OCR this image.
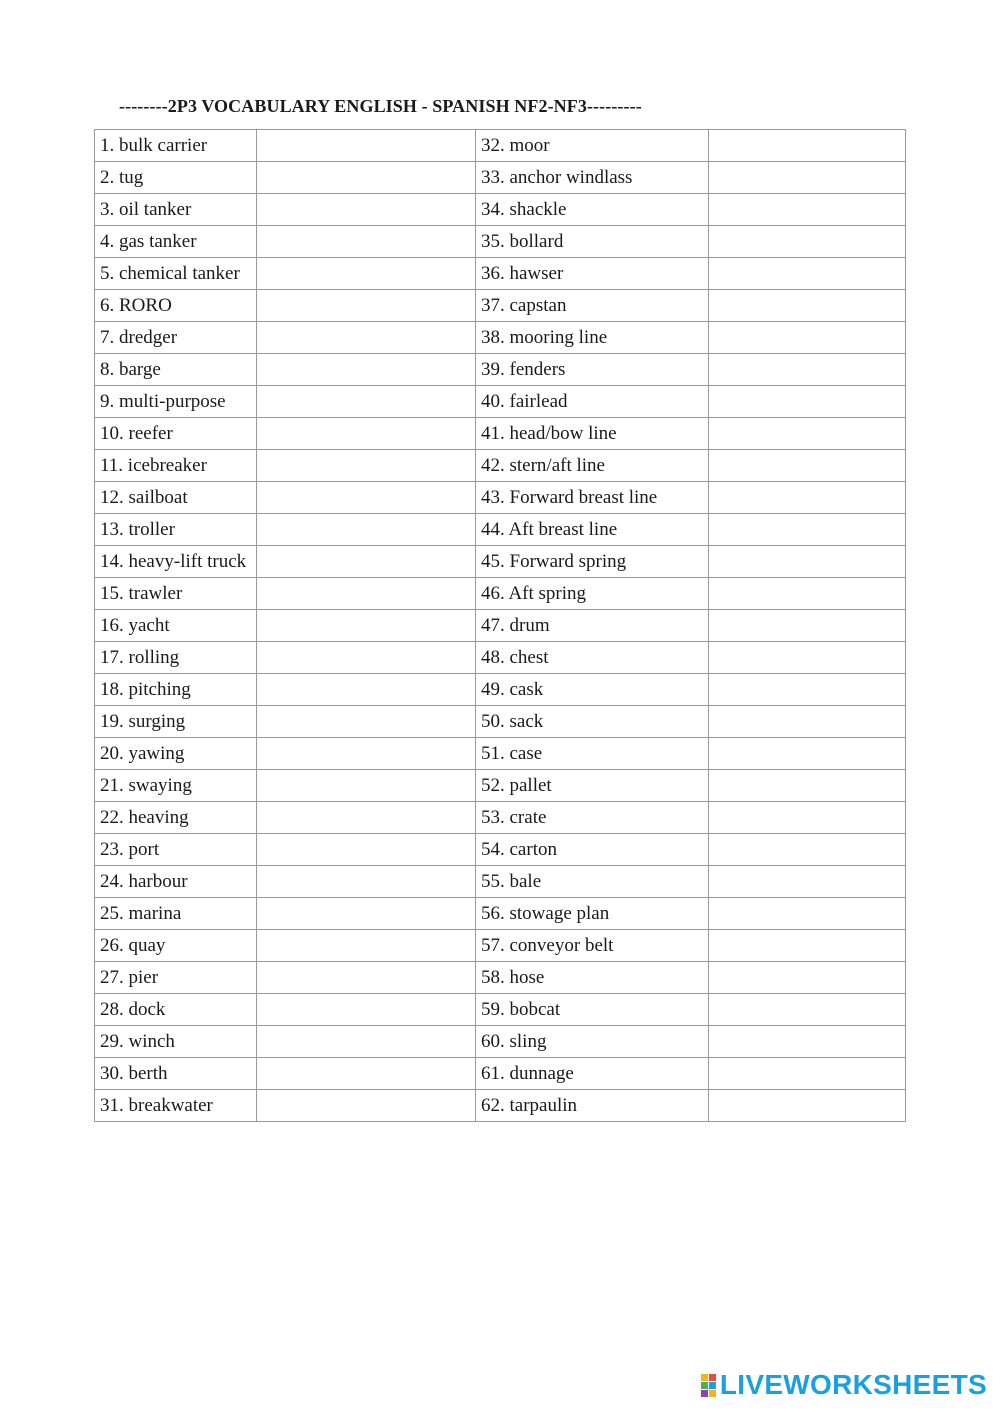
--------2P3 VOCABULARY ENGLISH - SPANISH NF2-NF3---------
1. bulk carrier		32. moor	
2. tug		33. anchor windlass	
3. oil tanker		34. shackle	
4. gas tanker		35. bollard	
5. chemical tanker		36. hawser	
6. RORO		37. capstan	
7. dredger		38. mooring line	
8. barge		39. fenders	
9. multi-purpose		40. fairlead	
10. reefer		41. head/bow line	
11. icebreaker		42. stern/aft line	
12. sailboat		43. Forward breast line	
13. troller		44. Aft breast line	
14. heavy-lift truck		45. Forward spring	
15. trawler		46. Aft spring	
16. yacht		47. drum	
17. rolling		48. chest	
18. pitching		49. cask	
19. surging		50. sack	
20. yawing		51. case	
21. swaying		52. pallet	
22. heaving		53. crate	
23. port		54. carton	
24. harbour		55. bale	
25. marina		56. stowage plan	
26. quay		57. conveyor belt	
27. pier		58. hose	
28. dock		59. bobcat	
29. winch		60. sling	
30. berth		61. dunnage	
31. breakwater		62. tarpaulin	
LIVEWORKSHEETS
